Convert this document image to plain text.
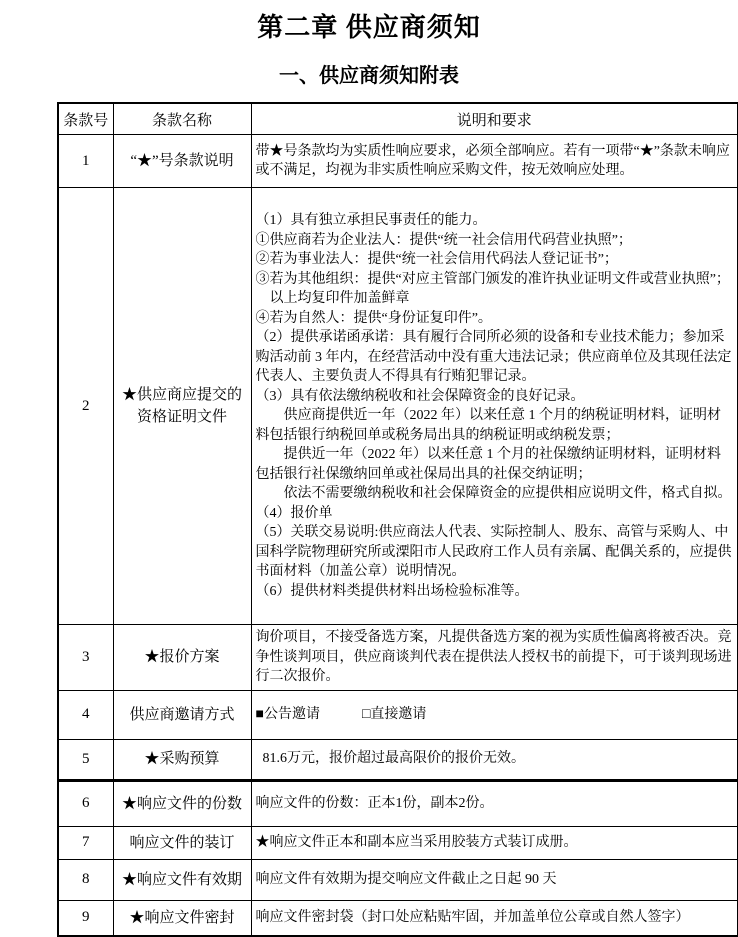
第二章 供应商须知
一、供应商须知附表
条款号	条款名称	说明和要求
1	“★”号条款说明	带★号条款均为实质性响应要求，必须全部响应。若有一项带“★”条款未响应或不满足，均视为非实质性响应采购文件，按无效响应处理。

2	★供应商应提交的资格证明文件	
（1）具有独立承担民事责任的能力。
①供应商若为企业法人：提供“统一社会信用代码营业执照”；
②若为事业法人：提供“统一社会信用代码法人登记证书”；
③若为其他组织：提供“对应主管部门颁发的准许执业证明文件或营业执照”；
　以上均复印件加盖鲜章
④若为自然人：提供“身份证复印件”。
（2）提供承诺函承诺：具有履行合同所必须的设备和专业技术能力；参加采购活动前 3 年内，在经营活动中没有重大违法记录；供应商单位及其现任法定代表人、主要负责人不得具有行贿犯罪记录。
（3）具有依法缴纳税收和社会保障资金的良好记录。
　　供应商提供近一年（2022 年）以来任意 1 个月的纳税证明材料，证明材料包括银行纳税回单或税务局出具的纳税证明或纳税发票；
　　提供近一年（2022 年）以来任意 1 个月的社保缴纳证明材料，证明材料包括银行社保缴纳回单或社保局出具的社保交纳证明；
　　依法不需要缴纳税收和社会保障资金的应提供相应说明文件，格式自拟。
（4）报价单
（5）关联交易说明:供应商法人代表、实际控制人、股东、高管与采购人、中国科学院物理研究所或溧阳市人民政府工作人员有亲属、配偶关系的，应提供书面材料（加盖公章）说明情况。
（6）提供材料类提供材料出场检验标准等。

3	★报价方案	询价项目，不接受备选方案，凡提供备选方案的视为实质性偏离将被否决。竞争性谈判项目，供应商谈判代表在提供法人授权书的前提下，可于谈判现场进行二次报价。

4	供应商邀请方式	■公告邀请　　　□直接邀请

5	★采购预算	81.6万元，报价超过最高限价的报价无效。

6	★响应文件的份数	响应文件的份数：正本1份，副本2份。

7	响应文件的装订	★响应文件正本和副本应当采用胶装方式装订成册。

8	★响应文件有效期	响应文件有效期为提交响应文件截止之日起 90 天

9	★响应文件密封	响应文件密封袋（封口处应粘贴牢固，并加盖单位公章或自然人签字）
